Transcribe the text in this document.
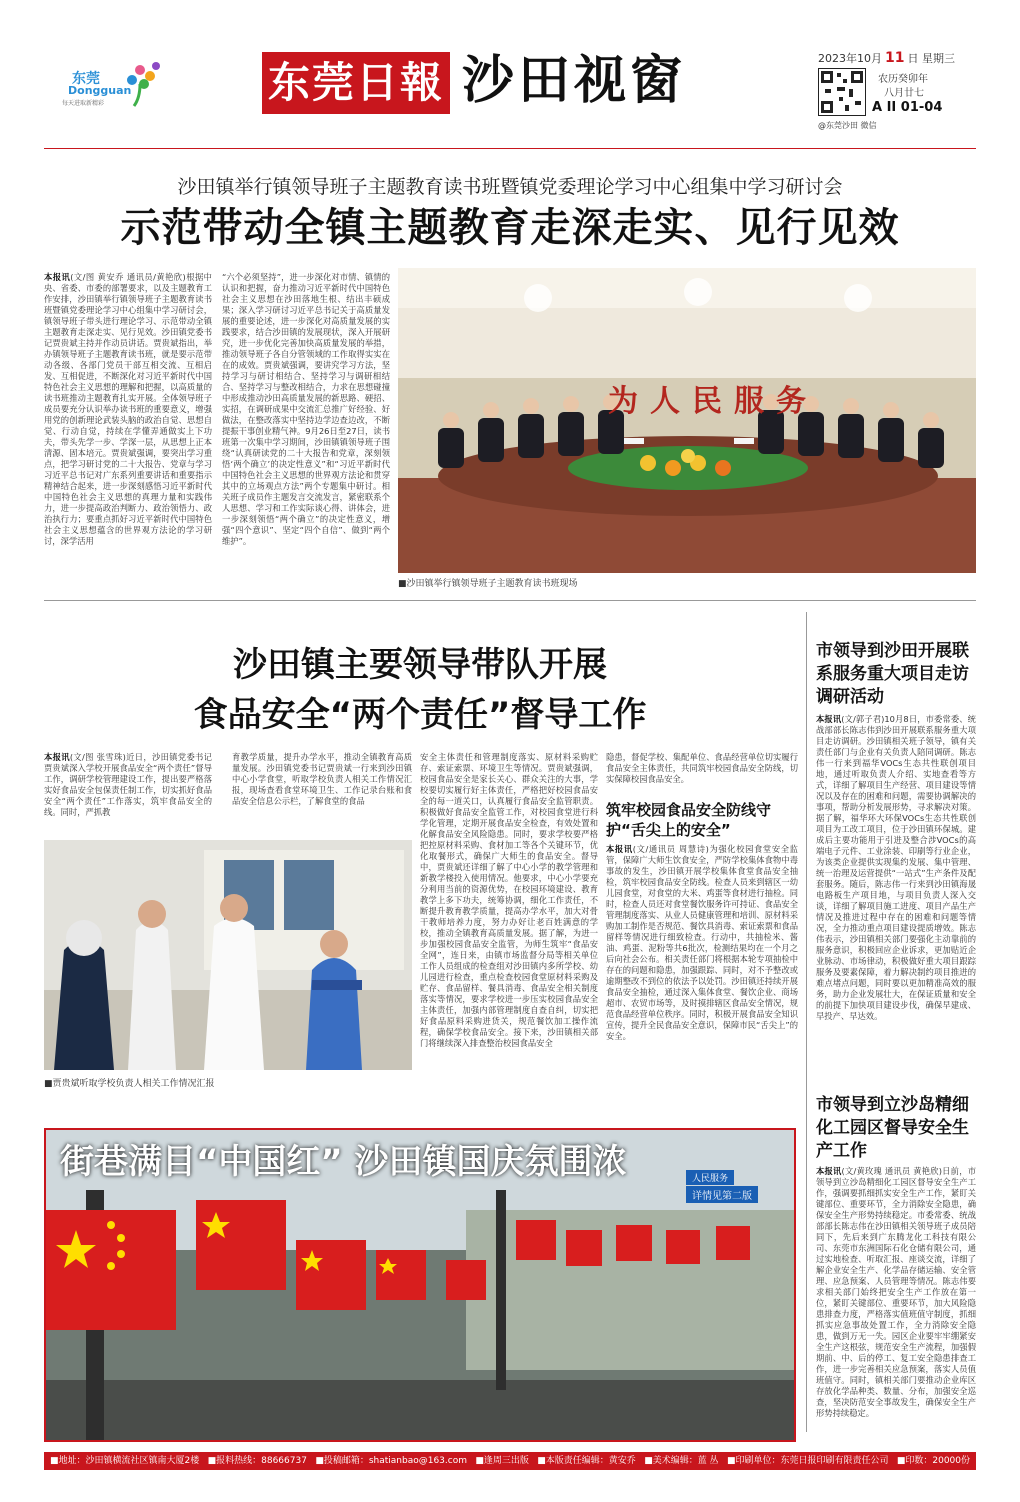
东莞
Dongguan
每天进取新精彩	东莞日報 沙田视窗	2023年10月 11 日 星期三
农历癸卯年
八月廿七
A II 01-04
@东莞沙田 微信
沙田镇举行镇领导班子主题教育读书班暨镇党委理论学习中心组集中学习研讨会
示范带动全镇主题教育走深走实、见行见效
本报讯(文/图 黄安乔 通讯员/黄艳欣)根据中央、省委、市委的部署要求，以及主题教育工作安排，沙田镇举行镇领导班子主题教育读书班暨镇党委理论学习中心组集中学习研讨会，镇领导班子带头进行理论学习、示范带动全镇主题教育走深走实、见行见效。沙田镇党委书记贾贵斌主持并作动员讲话。贾贵斌指出，举办镇领导班子主题教育读书班，就是要示范带动各级、各部门党员干部互相交流、互相启发、互相促进，不断深化对习近平新时代中国特色社会主义思想的理解和把握，以高质量的读书班推动主题教育扎实开展。全体领导班子成员要充分认识举办读书班的重要意义，增强用党的创新理论武装头脑的政治自觉、思想自觉、行动自觉，持续在学懂弄通做实上下功夫，带头先学一步、学深一层，从思想上正本清源、固本培元。贾贵斌强调，要突出学习重点，把学习研讨党的二十大报告、党章与学习习近平总书记对广东系列重要讲话和重要指示精神结合起来，进一步深刻感悟习近平新时代中国特色社会主义思想的真理力量和实践伟力，进一步提高政治判断力、政治领悟力、政治执行力；要重点抓好习近平新时代中国特色社会主义思想蕴含的世界观方法论的学习研讨，深学活用
“六个必须坚持”，进一步深化对市情、镇情的认识和把握，奋力推动习近平新时代中国特色社会主义思想在沙田落地生根、结出丰硕成果；深入学习研讨习近平总书记关于高质量发展的重要论述，进一步深化对高质量发展的实践要求，结合沙田镇的发展现状，深入开展研究，进一步优化完善加快高质量发展的举措，推动领导班子各自分管领域的工作取得实实在在的成效。贾贵斌强调，要讲究学习方法，坚持学习与研讨相结合、坚持学习与调研相结合、坚持学习与整改相结合，力求在思想碰撞中形成推动沙田高质量发展的新思路、硬招、实招，在调研成果中交流汇总推广好经验、好做法，在整改落实中坚持边学边查边改，不断提振干事创业精气神。9月26日至27日，读书班第一次集中学习期间，沙田镇镇领导班子围绕“认真研读党的二十大报告和党章，深刻领悟‘两个确立’的决定性意义”和“习近平新时代中国特色社会主义思想的世界观方法论和贯穿其中的立场观点方法”两个专题集中研讨。相关班子成员作主题发言交流发言，紧密联系个人思想、学习和工作实际谈心得、讲体会，进一步深刻领悟“两个确立”的决定性意义，增强“四个意识”、坚定“四个自信”、做到“两个维护”。
为人民服务
■沙田镇举行镇领导班子主题教育读书班现场
沙田镇主要领导带队开展
食品安全“两个责任”督导工作
本报讯(文/图 张雪珠)近日，沙田镇党委书记贾贵斌深入学校开展食品安全“两个责任”督导工作，调研学校管理建设工作，提出要严格落实好食品安全包保责任制工作，切实抓好食品安全“两个责任”工作落实，筑牢食品安全的线。同时，严抓教
育教学质量，提升办学水平，推动全镇教育高质量发展。沙田镇党委书记贾贵斌一行来到沙田镇中心小学食堂，听取学校负责人相关工作情况汇报，现场查看食堂环境卫生、工作记录台账和食品安全信息公示栏，了解食堂的食品
安全主体责任和管理制度落实、原材料采购贮存、索证索票、环境卫生等情况。贾贵斌强调，校园食品安全是家长关心、群众关注的大事，学校要切实履行好主体责任，严格把好校园食品安全的每一道关口，认真履行食品安全监管职责。积极做好食品安全监管工作，对校园食堂进行科学化管理，定期开展食品安全检查，有效处置和化解食品安全风险隐患。同时，要求学校要严格把控原材料采购、食材加工等各个关键环节，优化取餐形式，确保广大师生的食品安全。督导中，贾贵斌还详细了解了中心小学的教学管理和新教学楼投入使用情况。他要求，中心小学要充分利用当前的资源优势，在校园环境建设、教育教学上多下功夫，统筹协调，细化工作责任，不断提升教育教学质量，提高办学水平，加大对骨干教师培养力度，努力办好让老百姓满意的学校，推动全镇教育高质量发展。据了解，为进一步加强校园食品安全监管，为师生筑牢“食品安全网”，连日来，由镇市场监督分局等相关单位工作人员组成的检查组对沙田镇内多所学校、幼儿园进行检查，重点检查校园食堂原材料采购及贮存、食品留样、餐具消毒、食品安全相关制度落实等情况，要求学校进一步压实校园食品安全主体责任，加强内部管理制度自查自纠，切实把好食品原料采购进货关，规范餐饮加工操作流程，确保学校食品安全。接下来，沙田镇相关部门将继续深入排查整治校园食品安全
隐患，督促学校、集配单位、食品经营单位切实履行食品安全主体责任，共同筑牢校园食品安全防线，切实保障校园食品安全。
筑牢校园食品安全防线守护“舌尖上的安全”
本报讯(文/通讯员 周慧诗)为强化校园食堂安全监管，保障广大师生饮食安全，严防学校集体食物中毒事故的发生，沙田镇开展学校集体食堂食品安全抽检，筑牢校园食品安全防线。检查人员来到辖区一幼儿园食堂，对食堂的大米、鸡蛋等食材进行抽检。同时，检查人员还对食堂餐饮服务许可持证、食品安全管理制度落实、从业人员健康管理和培训、原材料采购加工制作是否规范、餐饮具消毒、索证索票和食品留样等情况进行细致检查。行动中，共抽检米、酱油、鸡蛋、泥粉等共6批次，检测结果均在一个月之后向社会公布。相关责任部门将根据本轮专项抽检中存在的问题和隐患，加强跟踪、同时，对不予整改或逾期整改不到位的依法予以处罚。沙田镇还持续开展食品安全抽检，通过深入集体食堂、餐饮企业、商场超市、农贸市场等，及时摸排辖区食品安全情况，规范食品经营单位秩序。同时，积极开展食品安全知识宣传，提升全民食品安全意识，保障市民“舌尖上”的安全。
■贾贵斌听取学校负责人相关工作情况汇报
市领导到沙田开展联系服务重大项目走访调研活动
本报讯(文/郭子君)10月8日，市委常委、统战部部长陈志伟到沙田开展联系服务重大项目走访调研。沙田镇相关班子领导，镇有关责任部门与企业有关负责人陪同调研。陈志伟一行来到福华VOCs生态共性联创项目地，通过听取负责人介绍、实地查看等方式，详细了解项目生产经营、项目建设等情况以及存在的困难和问题，需要协调解决的事项，帮助分析发展形势，寻求解决对策。据了解，福华环大环保VOCs生态共性联创项目为工改工项目，位于沙田镇环保城。建成后主要功能用于引进及整合涉VOCs的高端电子元件、工业涂装、印刷等行业企业，为该类企业提供实现集约发展、集中管理、统一治理及运营提供“一站式”生产条件及配套服务。随后，陈志伟一行来到沙田镇海晟电路板生产项目地，与项目负责人深入交谈，详细了解项目施工进度、项目产品生产情况及推进过程中存在的困难和问题等情况，全力推动重点项目建设提质增效。陈志伟表示，沙田镇相关部门要强化主动靠前的服务意识，积极回应企业诉求，更加贴近企业脉动、市场律动，积极做好重大项目跟踪服务及要素保障，着力解决制约项目推进的难点堵点问题，同时要以更加精准高效的服务，助力企业发展壮大，在保证质量和安全的前提下加快项目建设步伐，确保早建成、早投产、早达效。
市领导到立沙岛精细化工园区督导安全生产工作
本报讯(文/黄玫瑰 通讯员 黄艳欣)日前，市领导到立沙岛精细化工园区督导安全生产工作，强调要抓细抓实安全生产工作，紧盯关键部位、重要环节，全力消除安全隐患，确保安全生产形势持续稳定。市委常委、统战部部长陈志伟在沙田镇相关领导班子成员陪同下，先后来到广东腾龙化工科技有限公司、东莞市东洲国际石化仓储有限公司，通过实地检查、听取汇报、座谈交流，详细了解企业安全生产、化学品存储运输、安全管理、应急预案、人员管理等情况。陈志伟要求相关部门始终把安全生产工作放在第一位，紧盯关键部位、重要环节，加大风险隐患排查力度，严格落实值班值守制度，抓细抓实应急事故处置工作，全力消除安全隐患，做到万无一失。园区企业要牢牢绷紧安全生产这根弦，规范安全生产流程，加强假期前、中、后的停工、复工安全隐患排查工作，进一步完善相关应急预案，落实人员值班值守。同时，镇相关部门要推动企业库区存放化学品种类、数量、分布，加强安全巡查，坚决防范安全事故发生，确保安全生产形势持续稳定。
街巷满目“中国红” 沙田镇国庆氛围浓	人民服务
详情见第二版
■地址：沙田镇横流社区镇南大厦2楼 ■报料热线：88666737 ■投稿邮箱：shatianbao@163.com ■逢周三出版 ■本版责任编辑：黄安乔 ■美术编辑：蓝 丛 ■印刷单位：东莞日报印刷有限责任公司 ■印数：20000份
